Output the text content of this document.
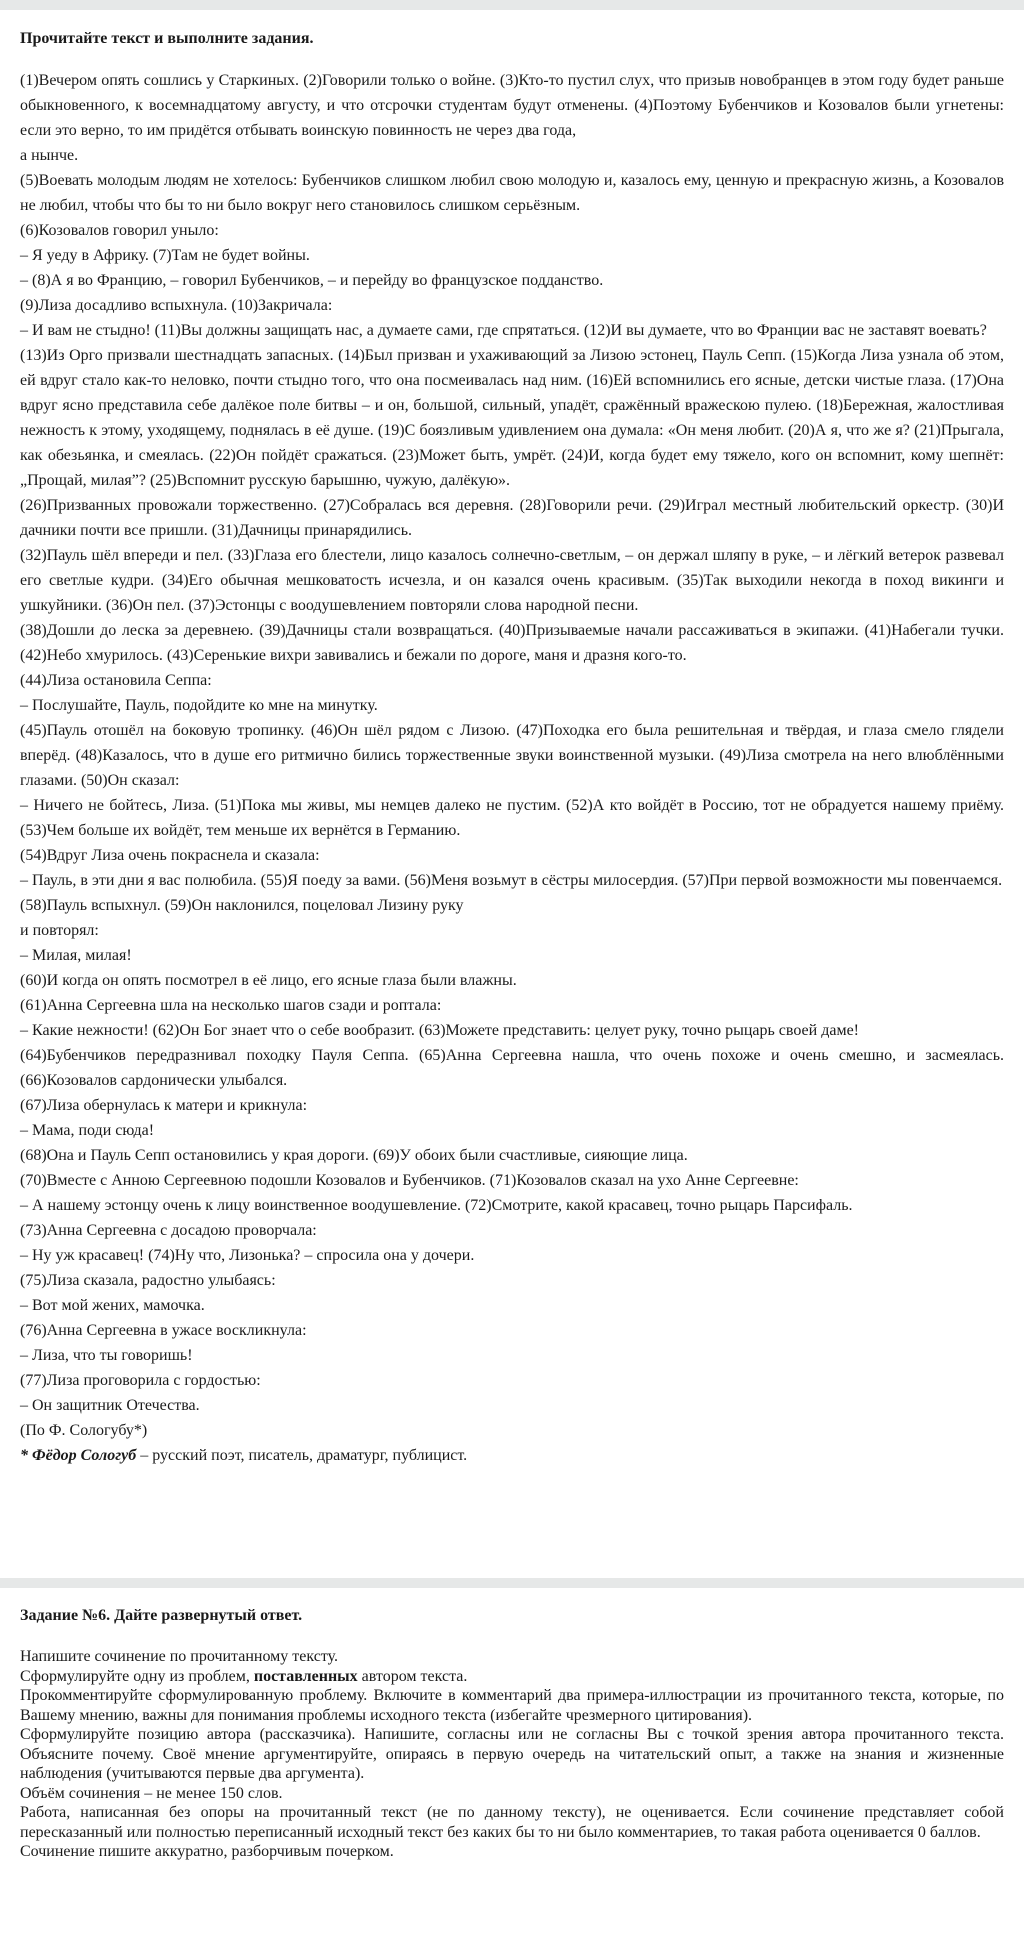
Прочитайте текст и выполните задания.

(1)Вечером опять сошлись у Старкиных. (2)Говорили только о войне. (3)Кто-то пустил слух, что призыв новобранцев в этом году будет раньше обыкновенного, к восемнадцатому августу, и что отсрочки студентам будут отменены. (4)Поэтому Бубенчиков и Козовалов были угнетены: если это верно, то им придётся отбывать воинскую повинность не через два года,

а нынче.

(5)Воевать молодым людям не хотелось: Бубенчиков слишком любил свою молодую и, казалось ему, ценную и прекрасную жизнь, а Козовалов не любил, чтобы что бы то ни было вокруг него становилось слишком серьёзным.

(6)Козовалов говорил уныло:

– Я уеду в Африку. (7)Там не будет войны.

– (8)А я во Францию, – говорил Бубенчиков, – и перейду во французское подданство.

(9)Лиза досадливо вспыхнула. (10)Закричала:

– И вам не стыдно! (11)Вы должны защищать нас, а думаете сами, где спрятаться. (12)И вы думаете, что во Франции вас не заставят воевать?

(13)Из Орго призвали шестнадцать запасных. (14)Был призван и ухаживающий за Лизою эстонец, Пауль Сепп. (15)Когда Лиза узнала об этом, ей вдруг стало как-то неловко, почти стыдно того, что она посмеивалась над ним. (16)Ей вспомнились его ясные, детски чистые глаза. (17)Она вдруг ясно представила себе далёкое поле битвы – и он, большой, сильный, упадёт, сражённый вражескою пулею. (18)Бережная, жалостливая нежность к этому, уходящему, поднялась в её душе. (19)С боязливым удивлением она думала: «Он меня любит. (20)А я, что же я? (21)Прыгала, как обезьянка, и смеялась. (22)Он пойдёт сражаться. (23)Может быть, умрёт. (24)И, когда будет ему тяжело, кого он вспомнит, кому шепнёт: „Прощай, милая”? (25)Вспомнит русскую барышню, чужую, далёкую».

(26)Призванных провожали торжественно. (27)Собралась вся деревня. (28)Говорили речи. (29)Играл местный любительский оркестр. (30)И дачники почти все пришли. (31)Дачницы принарядились.

(32)Пауль шёл впереди и пел. (33)Глаза его блестели, лицо казалось солнечно-светлым, – он держал шляпу в руке, – и лёгкий ветерок развевал его светлые кудри. (34)Его обычная мешковатость исчезла, и он казался очень красивым. (35)Так выходили некогда в поход викинги и ушкуйники. (36)Он пел. (37)Эстонцы с воодушевлением повторяли слова народной песни.

(38)Дошли до леска за деревнею. (39)Дачницы стали возвращаться. (40)Призываемые начали рассаживаться в экипажи. (41)Набегали тучки. (42)Небо хмурилось. (43)Серенькие вихри завивались и бежали по дороге, маня и дразня кого-то.

(44)Лиза остановила Сеппа:

– Послушайте, Пауль, подойдите ко мне на минутку.

(45)Пауль отошёл на боковую тропинку. (46)Он шёл рядом с Лизою. (47)Походка его была решительная и твёрдая, и глаза смело глядели вперёд. (48)Казалось, что в душе его ритмично бились торжественные звуки воинственной музыки. (49)Лиза смотрела на него влюблёнными глазами. (50)Он сказал:

– Ничего не бойтесь, Лиза. (51)Пока мы живы, мы немцев далеко не пустим. (52)А кто войдёт в Россию, тот не обрадуется нашему приёму. (53)Чем больше их войдёт, тем меньше их вернётся в Германию.

(54)Вдруг Лиза очень покраснела и сказала:

– Пауль, в эти дни я вас полюбила. (55)Я поеду за вами. (56)Меня возьмут в сёстры милосердия. (57)При первой возможности мы повенчаемся.

(58)Пауль вспыхнул. (59)Он наклонился, поцеловал Лизину руку

и повторял:

– Милая, милая!

(60)И когда он опять посмотрел в её лицо, его ясные глаза были влажны.

(61)Анна Сергеевна шла на несколько шагов сзади и роптала:

– Какие нежности! (62)Он Бог знает что о себе вообразит. (63)Можете представить: целует руку, точно рыцарь своей даме!

(64)Бубенчиков передразнивал походку Пауля Сеппа. (65)Анна Сергеевна нашла, что очень похоже и очень смешно, и засмеялась. (66)Козовалов сардонически улыбался.

(67)Лиза обернулась к матери и крикнула:

– Мама, поди сюда!

(68)Она и Пауль Сепп остановились у края дороги. (69)У обоих были счастливые, сияющие лица.

(70)Вместе с Анною Сергеевною подошли Козовалов и Бубенчиков. (71)Козовалов сказал на ухо Анне Сергеевне:

– А нашему эстонцу очень к лицу воинственное воодушевление. (72)Смотрите, какой красавец, точно рыцарь Парсифаль.

(73)Анна Сергеевна с досадою проворчала:

– Ну уж красавец! (74)Ну что, Лизонька? – спросила она у дочери.

(75)Лиза сказала, радостно улыбаясь:

– Вот мой жених, мамочка.

(76)Анна Сергеевна в ужасе воскликнула:

– Лиза, что ты говоришь!

(77)Лиза проговорила с гордостью:

– Он защитник Отечества.

(По Ф. Сологубу*)

* Фёдор Сологуб – русский поэт, писатель, драматург, публицист.

Задание №6. Дайте развернутый ответ.

Напишите сочинение по прочитанному тексту.

Сформулируйте одну из проблем, поставленных автором текста.

Прокомментируйте сформулированную проблему. Включите в комментарий два примера-иллюстрации из прочитанного текста, которые, по Вашему мнению, важны для понимания проблемы исходного текста (избегайте чрезмерного цитирования).

Сформулируйте позицию автора (рассказчика). Напишите, согласны или не согласны Вы с точкой зрения автора прочитанного текста. Объясните почему. Своё мнение аргументируйте, опираясь в первую очередь на читательский опыт, а также на знания и жизненные наблюдения (учитываются первые два аргумента).

Объём сочинения – не менее 150 слов.

Работа, написанная без опоры на прочитанный текст (не по данному тексту), не оценивается. Если сочинение представляет собой пересказанный или полностью переписанный исходный текст без каких бы то ни было комментариев, то такая работа оценивается 0 баллов.

Сочинение пишите аккуратно, разборчивым почерком.
